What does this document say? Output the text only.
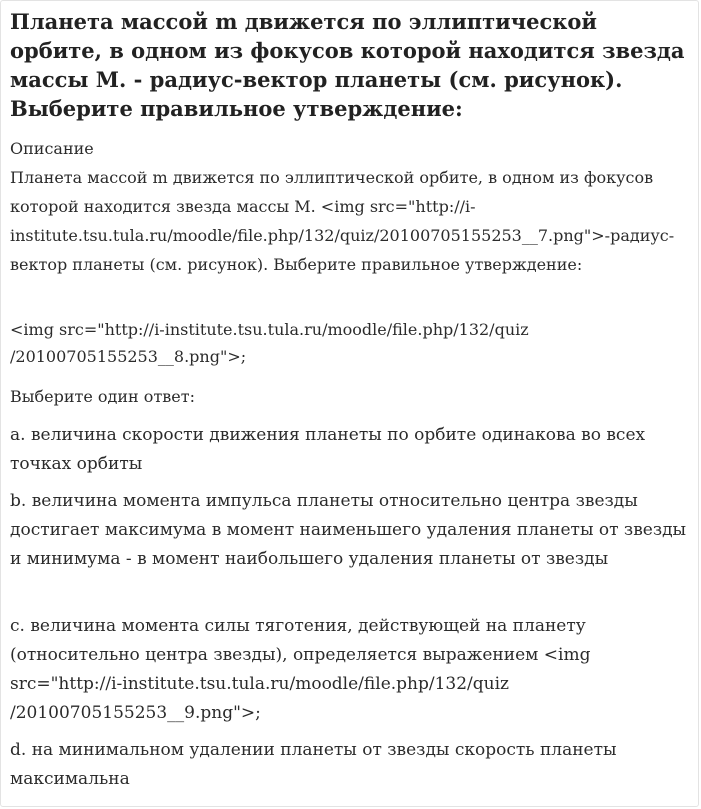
Планета массой m движется по эллиптической орбите, в одном из фокусов которой находится звезда массы М. - радиус-вектор планеты (см. рисунок). Выберите правильное утверждение:

Описание

Планета массой m движется по эллиптической орбите, в одном из фокусов которой находится звезда массы М. <img src="http://i-institute.tsu.tula.ru/moodle/file.php/132/quiz/20100705155253__7.png">-радиус-вектор планеты (см. рисунок). Выберите правильное утверждение:

<img src="http://i-institute.tsu.tula.ru/moodle/file.php/132/quiz /20100705155253__8.png">;

Выберите один ответ:

a. величина скорости движения планеты по орбите одинакова во всех точках орбиты

b. величина момента импульса планеты относительно центра звезды достигает максимума в момент наименьшего удаления планеты от звезды и минимума - в момент наибольшего удаления планеты от звезды

c. величина момента силы тяготения, действующей на планету (относительно центра звезды), определяется выражением <img src="http://i-institute.tsu.tula.ru/moodle/file.php/132/quiz /20100705155253__9.png">;

d. на минимальном удалении планеты от звезды скорость планеты максимальна
